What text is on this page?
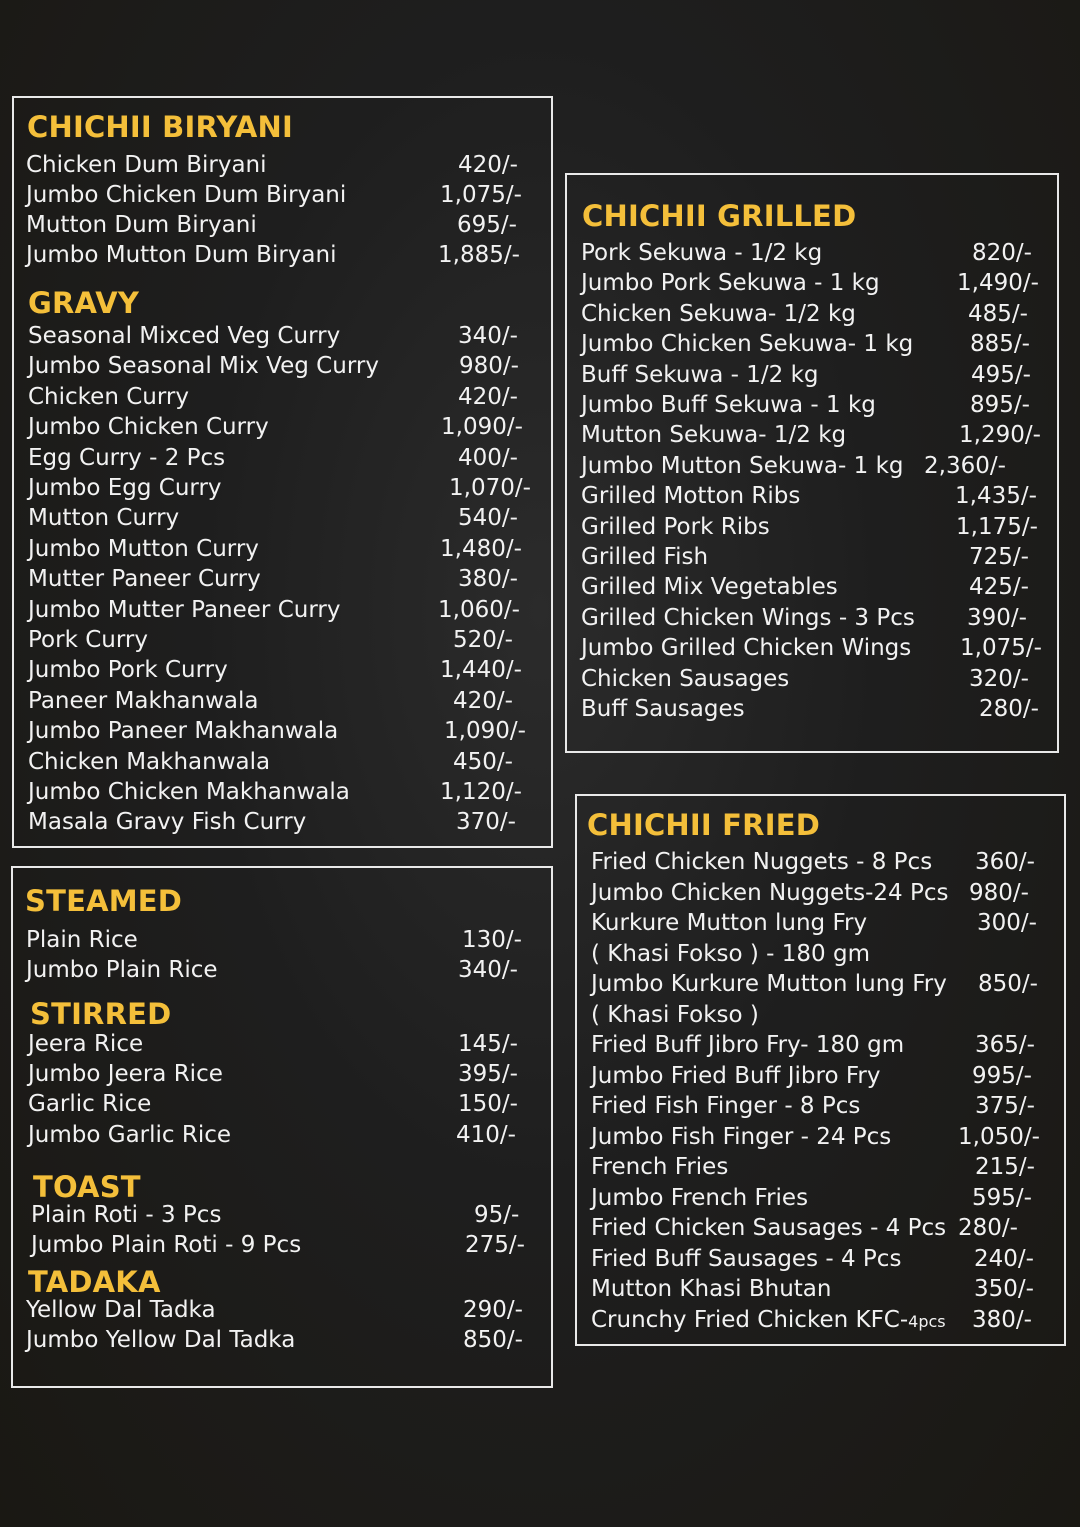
CHICHII BIRYANI
GRAVY
STEAMED
STIRRED
TOAST
TADAKA
CHICHII GRILLED
CHICHII FRIED
Chicken Dum Biryani	420/-
Jumbo Chicken Dum Biryani	1,075/-
Mutton Dum Biryani	695/-
Jumbo Mutton Dum Biryani	1,885/-
Seasonal Mixced Veg Curry	340/-
Jumbo Seasonal Mix Veg Curry	980/-
Chicken Curry	420/-
Jumbo Chicken Curry	1,090/-
Egg Curry - 2 Pcs	400/-
Jumbo Egg Curry	1,070/-
Mutton Curry	540/-
Jumbo Mutton Curry	1,480/-
Mutter Paneer Curry	380/-
Jumbo Mutter Paneer Curry	1,060/-
Pork Curry	520/-
Jumbo Pork Curry	1,440/-
Paneer Makhanwala	420/-
Jumbo Paneer Makhanwala	1,090/-
Chicken Makhanwala	450/-
Jumbo Chicken Makhanwala	1,120/-
Masala Gravy Fish Curry	370/-
Plain Rice	130/-
Jumbo Plain Rice	340/-
Jeera Rice	145/-
Jumbo Jeera Rice	395/-
Garlic Rice	150/-
Jumbo Garlic Rice	410/-
Plain Roti - 3 Pcs	95/-
Jumbo Plain Roti - 9 Pcs	275/-
Yellow Dal Tadka	290/-
Jumbo Yellow Dal Tadka	850/-
Pork Sekuwa - 1/2 kg	820/-
Jumbo Pork Sekuwa - 1 kg	1,490/-
Chicken Sekuwa- 1/2 kg	485/-
Jumbo Chicken Sekuwa- 1 kg 885/-
Buff Sekuwa - 1/2 kg	495/-
Jumbo Buff Sekuwa - 1 kg	895/-
Mutton Sekuwa- 1/2 kg	1,290/-
Jumbo Mutton Sekuwa- 1 kg 2,360/-
Grilled Motton Ribs	1,435/-
Grilled Pork Ribs	1,175/-
Grilled Fish	725/-
Grilled Mix Vegetables	425/-
Grilled Chicken Wings - 3 Pcs 390/-
Jumbo Grilled Chicken Wings 1,075/-
Chicken Sausages	320/-
Buff Sausages	280/-
Fried Chicken Nuggets - 8 Pcs 360/-
Jumbo Chicken Nuggets-24 Pcs 980/-
Kurkure Mutton lung Fry	300/-
( Khasi Fokso ) - 180 gm
Jumbo Kurkure Mutton lung Fry 850/-
( Khasi Fokso )
Fried Buff Jibro Fry- 180 gm	365/-
Jumbo Fried Buff Jibro Fry	995/-
Fried Fish Finger - 8 Pcs	375/-
Jumbo Fish Finger - 24 Pcs	1,050/-
French Fries	215/-
Jumbo French Fries	595/-
Fried Chicken Sausages - 4 Pcs 280/-
Fried Buff Sausages - 4 Pcs	240/-
Mutton Khasi Bhutan	350/-
Crunchy Fried Chicken KFC-4pcs 380/-
